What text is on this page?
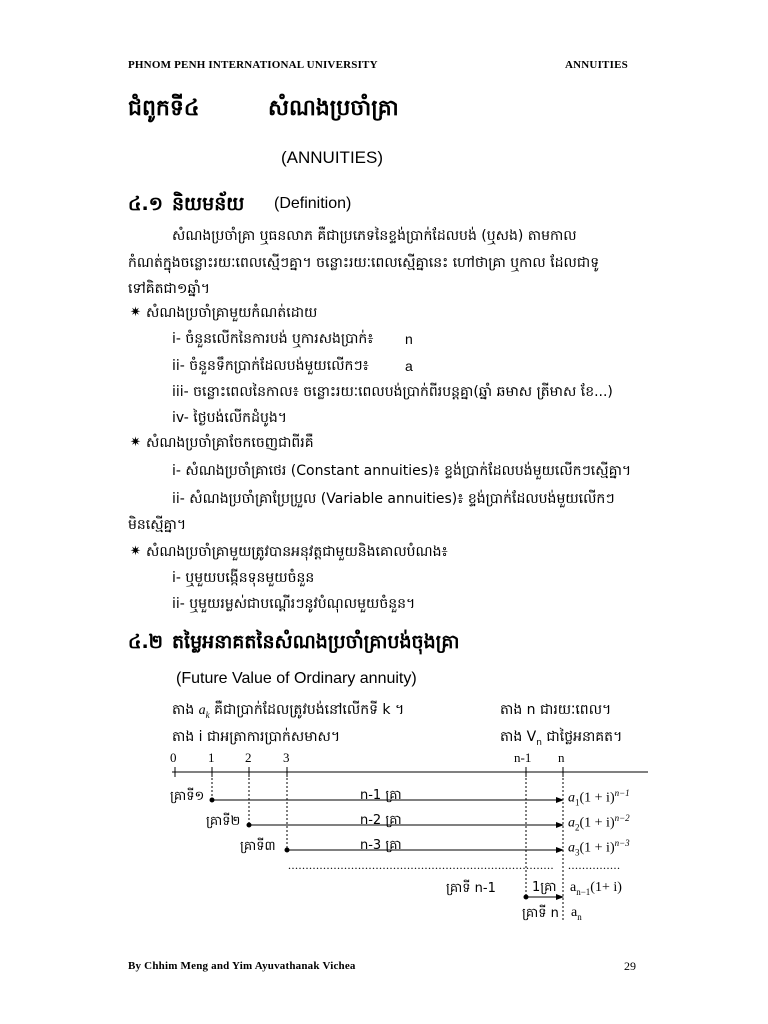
PHNOM PENH INTERNATIONAL UNIVERSITY	ANNUITIES
ជំពូកទី៤	សំណងប្រចាំគ្រា
(ANNUITIES)
៤.១ និយមន័យ (Definition)
សំណងប្រចាំគ្រា ឬធនលាភ គឺជាប្រភេទនៃខ្ទង់ប្រាក់ដែលបង់ (ឬសង) តាមកាល
កំណត់ក្នុងចន្លោះរយៈពេលស្មើៗគ្នា។ ចន្លោះរយៈពេលស្មើគ្នានេះ ហៅថាគ្រា ឬកាល ដែលជាទូ
ទៅគិតជា១ឆ្នាំ។
✷ សំណងប្រចាំគ្រាមួយកំណត់ដោយ
i- ចំនួនលើកនៃការបង់ ឬការសងប្រាក់៖ n
ii- ចំនួនទឹកប្រាក់ដែលបង់មួយលើកៗ៖	a
iii- ចន្លោះពេលនៃកាល៖ ចន្លោះរយៈពេលបង់ប្រាក់ពីរបន្តគ្នា(ឆ្នាំ ឆមាស ត្រីមាស ខែ...)
iv- ថ្ងៃបង់លើកដំបូង។
✷ សំណងប្រចាំគ្រាចែកចេញជាពីរគឺ
i- សំណងប្រចាំគ្រាថេរ (Constant annuities)៖ ខ្ទង់ប្រាក់ដែលបង់មួយលើកៗស្មើគ្នា។
ii- សំណងប្រចាំគ្រាប្រែប្រួល (Variable annuities)៖ ខ្ទង់ប្រាក់ដែលបង់មួយលើកៗ
មិនស្មើគ្នា។
✷ សំណងប្រចាំគ្រាមួយត្រូវបានអនុវត្តជាមួយនិងគោលបំណង៖
i- ឬមួយបង្កើនទុនមួយចំនួន
ii- ឬមួយរម្លស់ជាបណ្តើរៗនូវបំណុលមួយចំនួន។
៤.២ តម្លៃអនាគតនៃសំណងប្រចាំគ្រាបង់ចុងគ្រា
(Future Value of Ordinary annuity)
តាង $a_k$ គឺជាប្រាក់ដែលត្រូវបង់នៅលើកទី k ។	តាង n ជារយៈពេល។
តាង i ជាអត្រាការប្រាក់សមាស។	តាង $V_n$ ជាថ្លៃអនាគត។
0 1 2 3	n-1 n
គ្រាទី១	n-1 គ្រា	$a_1(1 + i)^{n-1}$
គ្រាទី២	n-2 គ្រា	$a_2(1 + i)^{n-2}$
គ្រាទី៣	n-3 គ្រា	$a_3(1 + i)^{n-3}$
............................................................................ ...............
គ្រាទី n-1	1គ្រា $a_{n-1}(1+ i)$
គ្រាទី n $a_n$
By Chhim Meng and Yim Ayuvathanak Vichea	29
